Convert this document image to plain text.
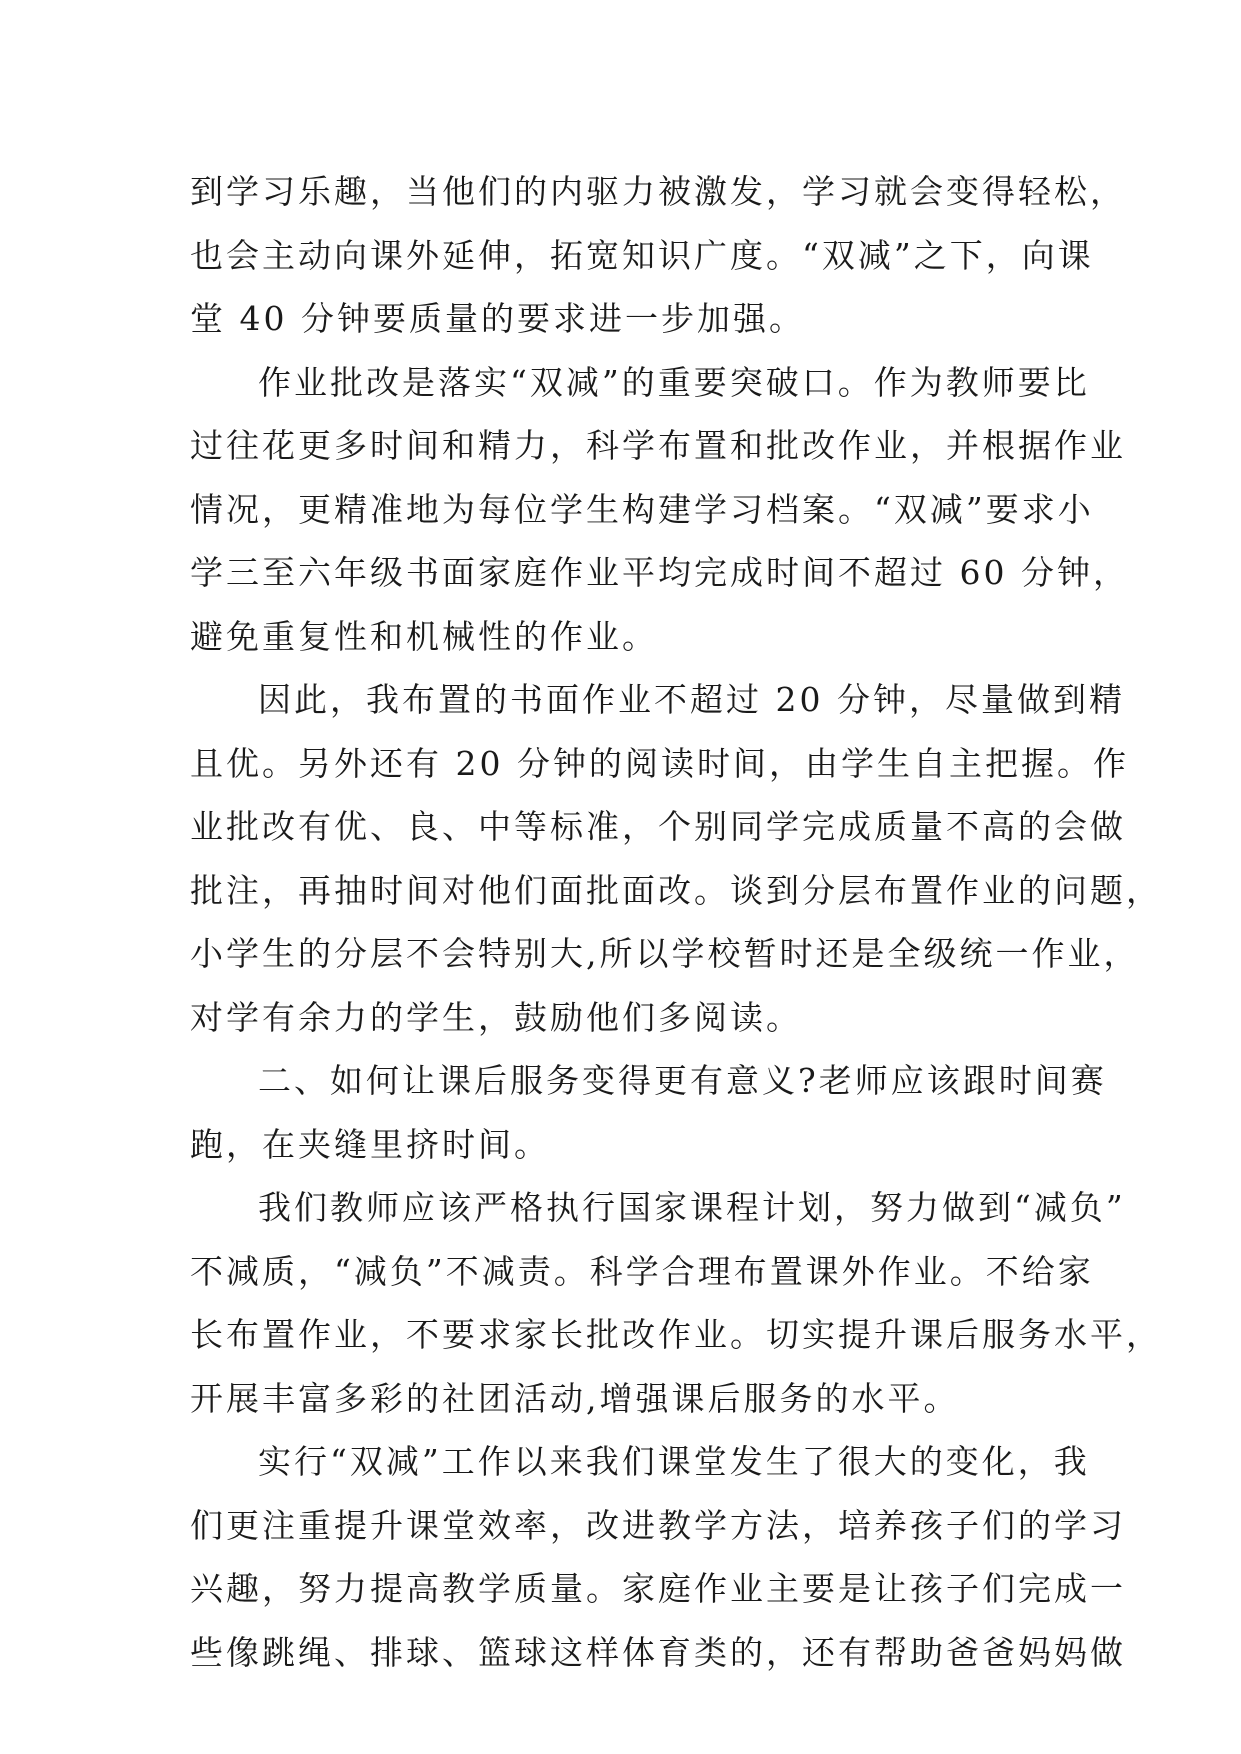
到学习乐趣，当他们的内驱力被激发，学习就会变得轻松，
也会主动向课外延伸，拓宽知识广度。“双减”之下，向课
堂 40 分钟要质量的要求进一步加强。
作业批改是落实“双减”的重要突破口。作为教师要比
过往花更多时间和精力，科学布置和批改作业，并根据作业
情况，更精准地为每位学生构建学习档案。“双减”要求小
学三至六年级书面家庭作业平均完成时间不超过 60 分钟，
避免重复性和机械性的作业。
因此，我布置的书面作业不超过 20 分钟，尽量做到精
且优。另外还有 20 分钟的阅读时间，由学生自主把握。作
业批改有优、良、中等标准，个别同学完成质量不高的会做
批注，再抽时间对他们面批面改。谈到分层布置作业的问题，
小学生的分层不会特别大,所以学校暂时还是全级统一作业，
对学有余力的学生，鼓励他们多阅读。
二、如何让课后服务变得更有意义?老师应该跟时间赛
跑，在夹缝里挤时间。
我们教师应该严格执行国家课程计划，努力做到“减负”
不减质，“减负”不减责。科学合理布置课外作业。不给家
长布置作业，不要求家长批改作业。切实提升课后服务水平，
开展丰富多彩的社团活动,增强课后服务的水平。
实行“双减”工作以来我们课堂发生了很大的变化，我
们更注重提升课堂效率，改进教学方法，培养孩子们的学习
兴趣，努力提高教学质量。家庭作业主要是让孩子们完成一
些像跳绳、排球、篮球这样体育类的，还有帮助爸爸妈妈做
